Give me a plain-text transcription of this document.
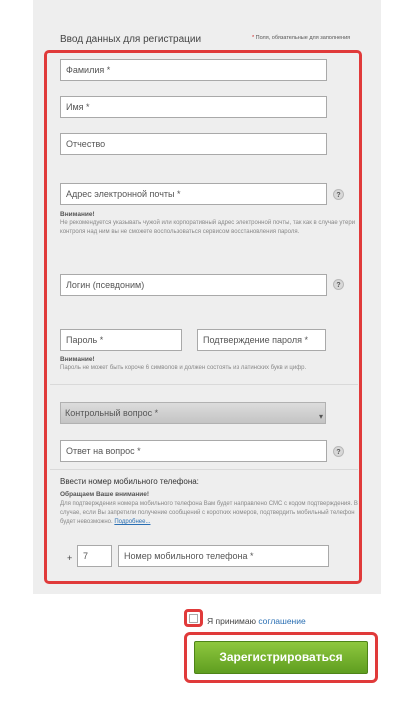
Ввод данных для регистрации	* Поля, обязательные для заполнения
Фамилия *
Имя *
Отчество
Адрес электронной почты *	?
Внимание!
Не рекомендуется указывать чужой или корпоративный адрес электронной почты, так как в случае утери контроля над ним вы не сможете воспользоваться сервисом восстановления пароля.
Логин (псевдоним)	?
Пароль *	Подтверждение пароля *
Внимание!
Пароль не может быть короче 6 символов и должен состоять из латинских букв и цифр.
Контрольный вопрос *	▾
Ответ на вопрос *	?
Ввести номер мобильного телефона:
Обращаем Ваше внимание!
Для подтверждения номера мобильного телефона Вам будет направлено СМС с кодом подтверждения. В случае, если Вы запретили получение сообщений с коротких номеров, подтвердить мобильный телефон будет невозможно. Подробнее...
+	7	Номер мобильного телефона *
Я принимаю соглашение
Зарегистрироваться
